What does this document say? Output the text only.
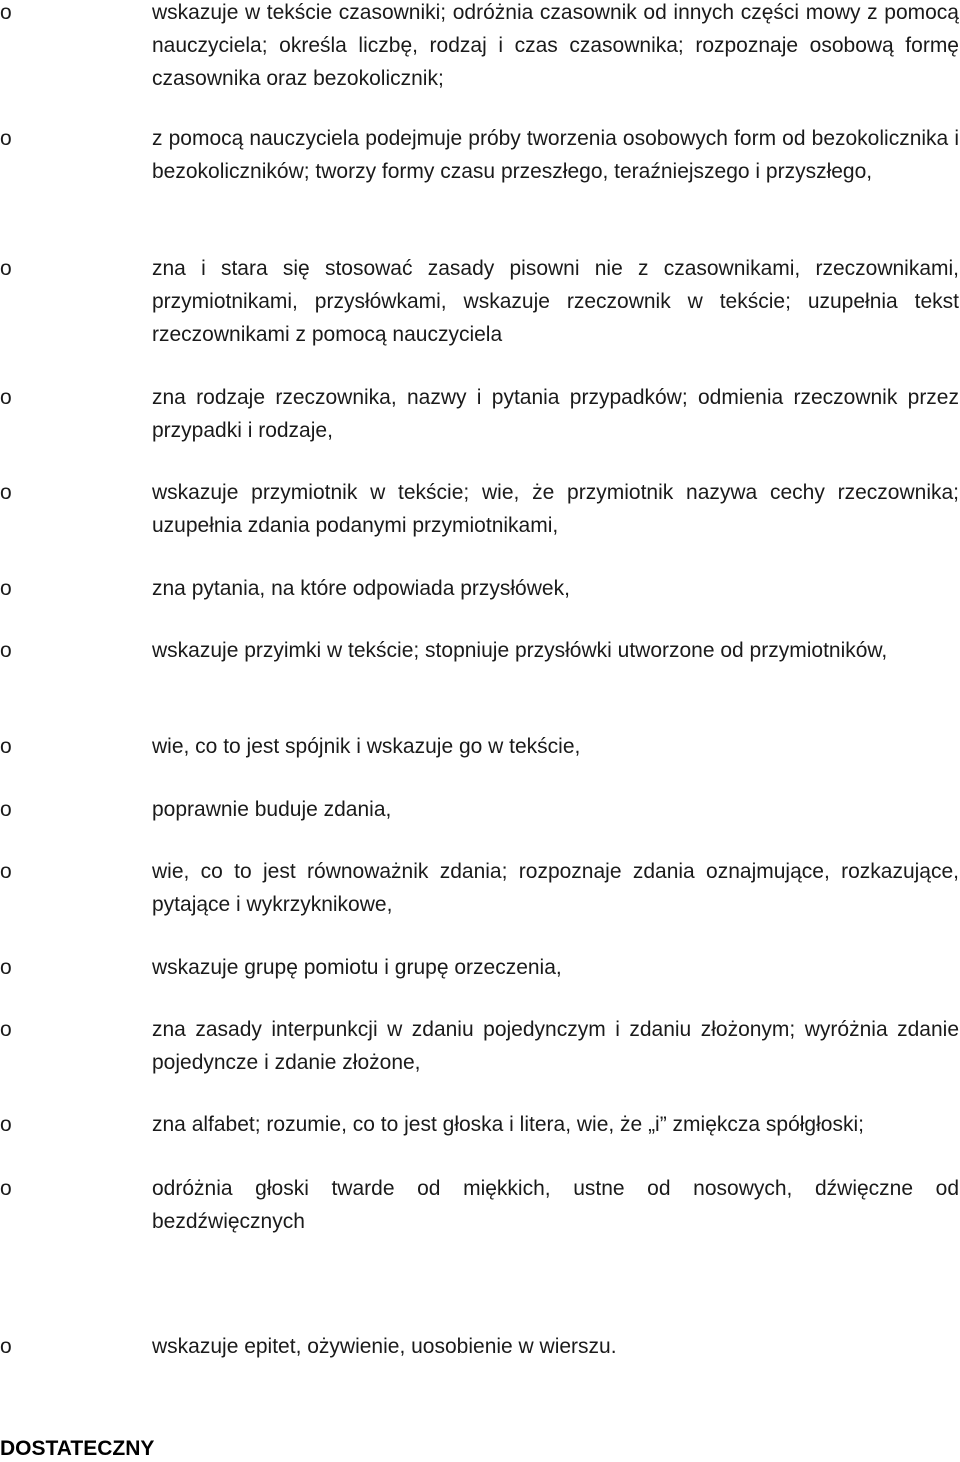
o	wskazuje w tekście czasowniki; odróżnia czasownik od innych części mowy z pomocą nauczyciela; określa liczbę, rodzaj i czas czasownika; rozpoznaje osobową formę czasownika oraz bezokolicznik;
o	z pomocą nauczyciela podejmuje próby tworzenia osobowych form od bezokolicznika i bezokoliczników; tworzy formy czasu przeszłego, teraźniejszego i przyszłego,
o	zna i stara się stosować zasady pisowni nie z czasownikami, rzeczownikami, przymiotnikami, przysłówkami, wskazuje rzeczownik w tekście; uzupełnia tekst rzeczownikami z pomocą nauczyciela
o	zna rodzaje rzeczownika, nazwy i pytania przypadków; odmienia rzeczownik przez przypadki i rodzaje,
o	wskazuje przymiotnik w tekście; wie, że przymiotnik nazywa cechy rzeczownika; uzupełnia zdania podanymi przymiotnikami,
o	zna pytania, na które odpowiada przysłówek,
o	wskazuje przyimki w tekście; stopniuje przysłówki utworzone od przymiotników,
o	wie, co to jest spójnik i wskazuje go w tekście,
o	poprawnie buduje zdania,
o	wie, co to jest równoważnik zdania; rozpoznaje zdania oznajmujące, rozkazujące, pytające i wykrzyknikowe,
o	wskazuje grupę pomiotu i grupę orzeczenia,
o	zna zasady interpunkcji w zdaniu pojedynczym i zdaniu złożonym; wyróżnia zdanie pojedyncze i zdanie złożone,
o	zna alfabet; rozumie, co to jest głoska i litera, wie, że „i” zmiękcza spółgłoski;
o	odróżnia głoski twarde od miękkich, ustne od nosowych, dźwięczne od bezdźwięcznych
o	wskazuje epitet, ożywienie, uosobienie w wierszu.
DOSTATECZNY
